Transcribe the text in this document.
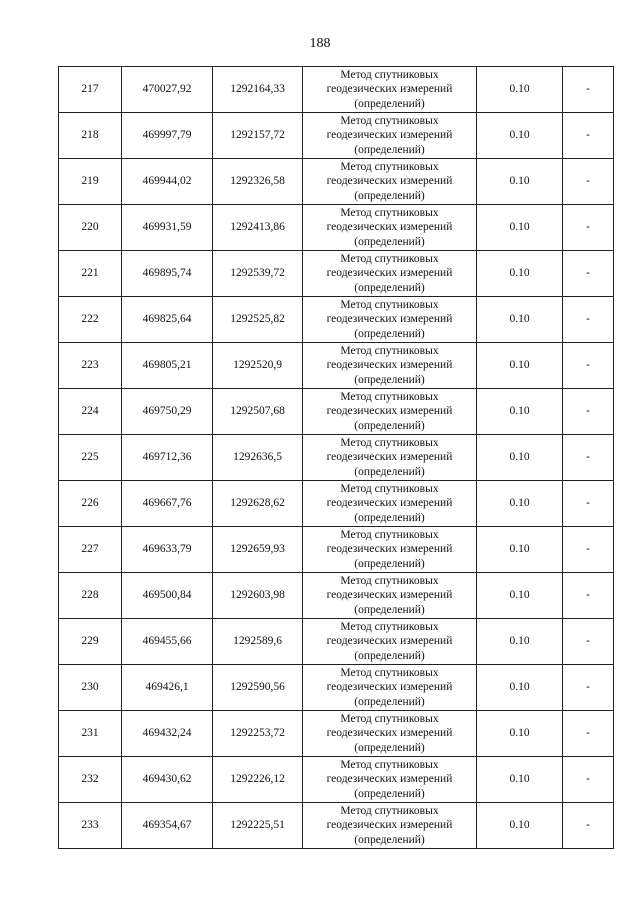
188
217	470027,92	1292164,33	Метод спутниковых
геодезических измерений
(определений)	0.10	-
218	469997,79	1292157,72	Метод спутниковых
геодезических измерений
(определений)	0.10	-
219	469944,02	1292326,58	Метод спутниковых
геодезических измерений
(определений)	0.10	-
220	469931,59	1292413,86	Метод спутниковых
геодезических измерений
(определений)	0.10	-
221	469895,74	1292539,72	Метод спутниковых
геодезических измерений
(определений)	0.10	-
222	469825,64	1292525,82	Метод спутниковых
геодезических измерений
(определений)	0.10	-
223	469805,21	1292520,9	Метод спутниковых
геодезических измерений
(определений)	0.10	-
224	469750,29	1292507,68	Метод спутниковых
геодезических измерений
(определений)	0.10	-
225	469712,36	1292636,5	Метод спутниковых
геодезических измерений
(определений)	0.10	-
226	469667,76	1292628,62	Метод спутниковых
геодезических измерений
(определений)	0.10	-
227	469633,79	1292659,93	Метод спутниковых
геодезических измерений
(определений)	0.10	-
228	469500,84	1292603,98	Метод спутниковых
геодезических измерений
(определений)	0.10	-
229	469455,66	1292589,6	Метод спутниковых
геодезических измерений
(определений)	0.10	-
230	469426,1	1292590,56	Метод спутниковых
геодезических измерений
(определений)	0.10	-
231	469432,24	1292253,72	Метод спутниковых
геодезических измерений
(определений)	0.10	-
232	469430,62	1292226,12	Метод спутниковых
геодезических измерений
(определений)	0.10	-
233	469354,67	1292225,51	Метод спутниковых
геодезических измерений
(определений)	0.10	-
